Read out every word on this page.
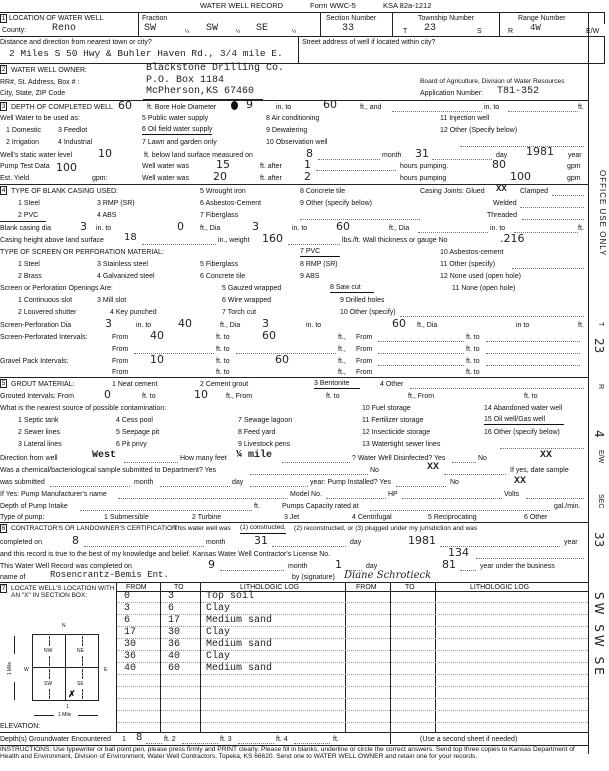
WATER WELL RECORD	Form WWC-5	KSA 82a-1212
1 LOCATION OF WATER WELL
County:	Reno
Fraction
SW	¼ SW	¼ SE	¼
Section Number
33
Township Number
T 23	S
Range Number
R 4W	E/W
Distance and direction from nearest town or city?
2 Miles S 50 Hwy & Buhler Haven Rd., 3/4 mile E.
Street address of well if located within city?
2 WATER WELL OWNER:	Blackstone Drilling Co.
RR#, St. Address, Box # :	P.O. Box 1184	Board of Agriculture, Division of Water Resources
City, State, ZIP Code	McPherson,KS 67460	Application Number: T81-352
3 DEPTH OF COMPLETED WELL 60 ft. Bore Hole Diameter	9	in. to	60	ft., and	in. to	ft.
Well Water to be used as:
1 Domestic 3 Feedlot
2 Irrigation	4 Industrial
5 Public water supply
6 Oil field water supply
7 Lawn and garden only
8 Air conditioning
9 Dewatering
10 Observation well
11 Injection well
12 Other (Specify below)
Well's static water level 10	ft. below land surface measured on	8	month 31	day 1981 year
Pump Test Data 100	Well water was 15	ft. after 1	hours pumping.	80	gpm
Est. Yield	gpm:	Well water was 20	ft. after 2	hours pumping	100	gpm
4 TYPE OF BLANK CASING USED:	5 Wrought iron	8 Concrete tile	Casing Joints: Glued XX Clamped
1 Steel	3 RMP (SR)	6 Asbestos-Cement	9 Other (specify below)	Welded
2 PVC	4 ABS	7 Fiberglass	Threaded
Blank casing dia	3 in. to	0 ft., Dia	3	in. to	60	ft., Dia	in. to	ft.
Casing height above land surface 18	in., weight 160	lbs./ft. Wall thickness or gauge No	.216
TYPE OF SCREEN OR PERFORATION MATERIAL:	7 PVC	10 Asbestos-cement
1 Steel	3 Stainless steel	5 Fiberglass	8 RMP (SR)	11 Other (specify)
2 Brass	4 Galvanized steel	6 Concrete tile	9 ABS	12 None used (open hole)
Screen or Perforation Openings Are:	5 Gauzed wrapped	8 Saw cut	11 None (open hole)
1 Continuous slot	3 Mill slot	6 Wire wrapped	9 Drilled holes
2 Louvered shutter	4 Key punched	7 Torch cut	10 Other (specify)
Screen-Perforation Dia	3	in. to 40	ft., Dia 3	in. to	60 ft., Dia	in to	ft.
Screen-Perforated Intervals:	From 40	ft. to	60	ft., From	ft. to
From	ft. to	ft., From	ft. to
Gravel Pack Intervals:	From 10	ft. to	60	ft., From	ft. to
From	ft. to	ft., From	ft. to
5 GROUT MATERIAL:	1 Neat cement	2 Cement grout	3 Bentonite	4 Other
Grouted Intervals: From	0	ft. to	10	ft., From	ft. to	ft., From	ft. to
What is the nearest source of possible contamination:	10 Fuel storage	14 Abandoned water well
1 Septic tank	4 Cess pool	7 Sewage lagoon	11 Fertilizer storage	15 Oil well/Gas well
2 Sewer lines	5 Seepage pit	8 Feed yard	12 Insecticide storage	16 Other (specify below)
3 Lateral lines	6 Pit privy	9 Livestock pens	13 Watertight sewer lines
Direction from well	West	How many feet ¼ mile	? Water Well Disinfected? Yes	No	XX
Was a chemical/bacteriological sample submitted to Department? Yes	No	XX	If yes, date sample
was submitted	month	day	year: Pump Installed? Yes	No	XX
If Yes: Pump Manufacturer's name	Model No.	HP	Volts
Depth of Pump Intake	ft.	Pumps Capacity rated at	gal./min.
Type of pump:	1 Submersible	2 Turbine	3 Jet	4 Centrifugal	5 Reciprocating	6 Other
6 CONTRACTOR'S OR LANDOWNER'S CERTIFICATION
: This water well was (1) constructed, (2) reconstructed, or (3) plugged under my jurisdiction and was
completed on	8	month	31	day	1981	year
and this record is true to the best of my knowledge and belief. Kansas Water Well Contractor's License No.	134
This Water Well Record was completed on	9	month	1	day	81	year under the business
name of	Rosencrantz-Bemis Ent.	by (signature) Diane Schrotieck
7 LOCATE WELL'S LOCATION WITH AN "X" IN SECTION BOX:
N
W	E
1
NW	NE
SW	SE
✗
1 Mile
1 Mile
ELEVATION:
FROM	TO	LITHOLOGIC LOG	FROM	TO	LITHOLOGIC LOG
0	3	Top soil
3	6	Clay
6	17	Medium sand
17	30	Clay
30	36	Medium sand
36	40	Clay
40	60	Medium sand
Depth(s) Groundwater Encountered 1 8	ft. 2	ft. 3	ft. 4	ft.	(Use a second sheet if needed)
INSTRUCTIONS: Use typewriter or ball point pen, please press firmly and PRINT clearly. Please fill in blanks, underline or circle the correct answers. Send top three copies to Kansas Department of Health and Environment, Division of Environment, Water Well Contractors, Topeka, KS 66620. Send one to WATER WELL OWNER and retain one for your records.
OFFICE USE ONLY
T
23
R
4
E/W
SEC
33
SW SW SE
